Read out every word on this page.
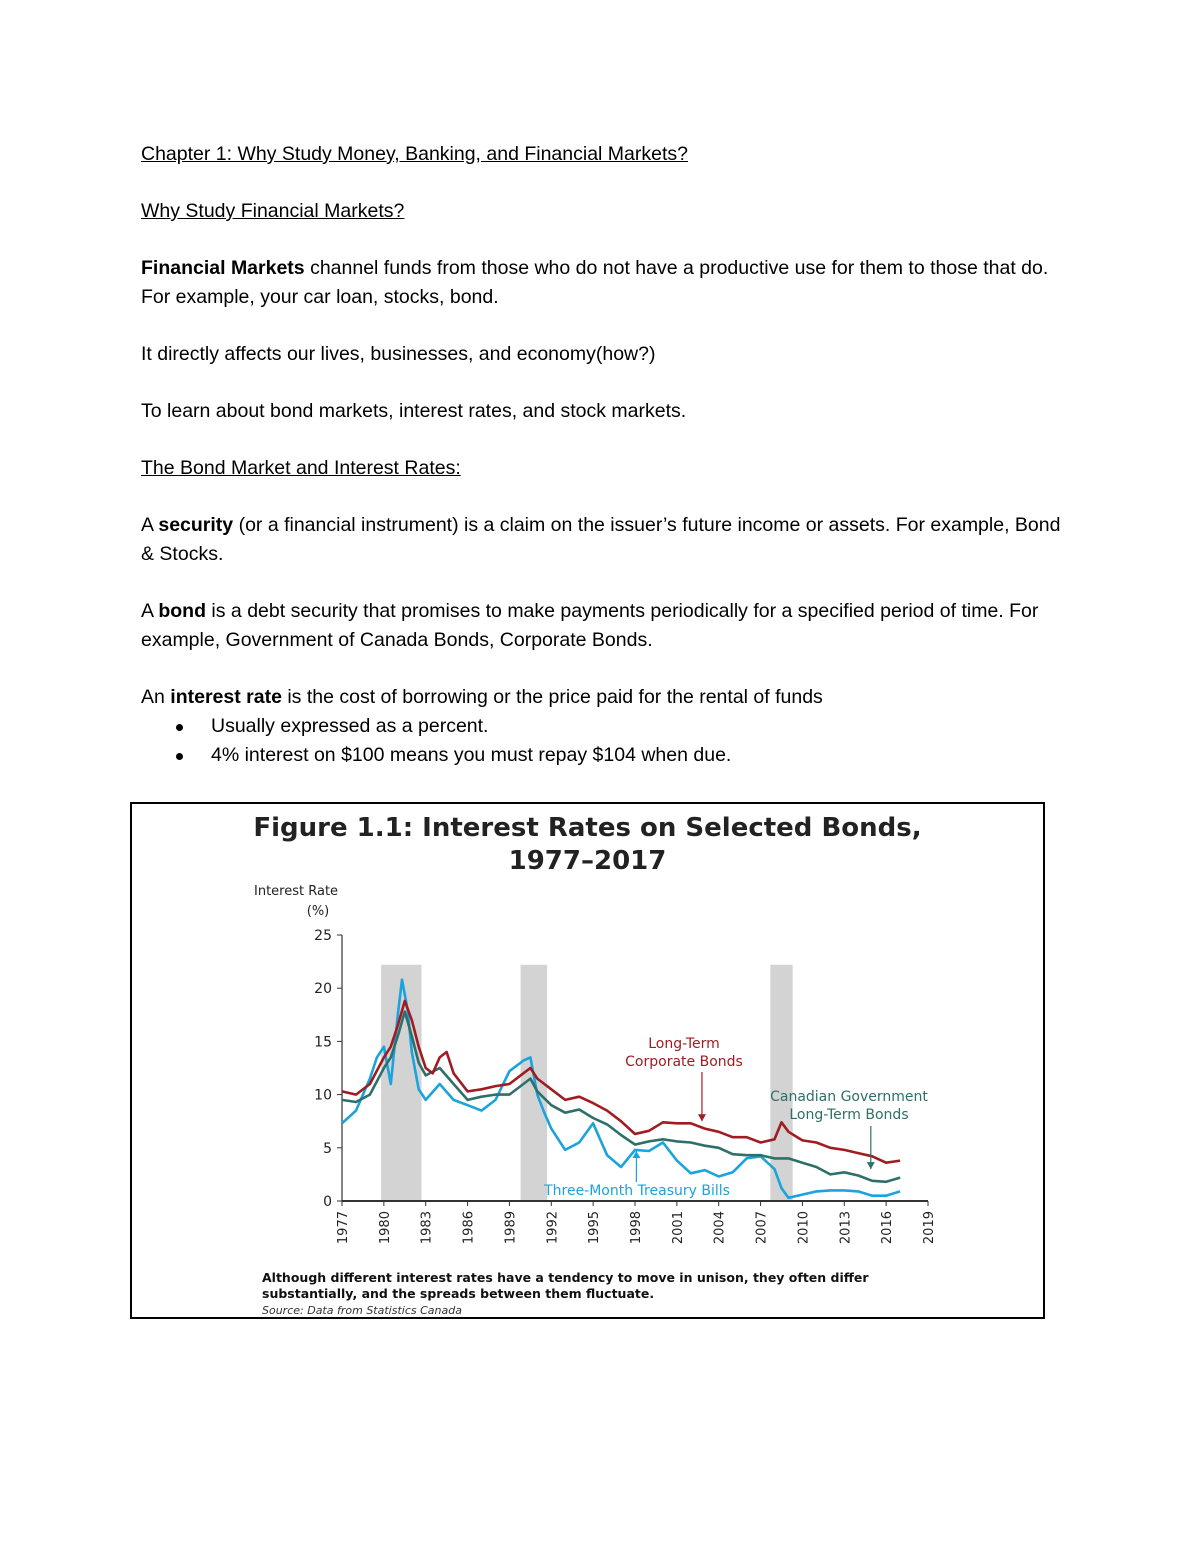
Chapter 1: Why Study Money, Banking, and Financial Markets?

Why Study Financial Markets?

Financial Markets channel funds from those who do not have a productive use for them to those that do. For example, your car loan, stocks, bond.

It directly affects our lives, businesses, and economy(how?)

To learn about bond markets, interest rates, and stock markets.

The Bond Market and Interest Rates:

A security (or a financial instrument) is a claim on the issuer’s future income or assets. For example, Bond & Stocks.

A bond is a debt security that promises to make payments periodically for a specified period of time. For example, Government of Canada Bonds, Corporate Bonds.

An interest rate is the cost of borrowing or the price paid for the rental of funds

Usually expressed as a percent.
4% interest on $100 means you must repay $104 when due.
Figure 1.1: Interest Rates on Selected Bonds,
1977–2017
Interest Rate
(%)
0
5
10
15
20
25
1977 1980 1983 1986 1989 1992 1995 1998 2001 2004 2007 2010 2013 2016 2019
Long-Term
Corporate Bonds
Canadian Government
Long-Term Bonds
Three-Month Treasury Bills
Although different interest rates have a tendency to move in unison, they often differ substantially, and the spreads between them fluctuate.
Source: Data from Statistics Canada
